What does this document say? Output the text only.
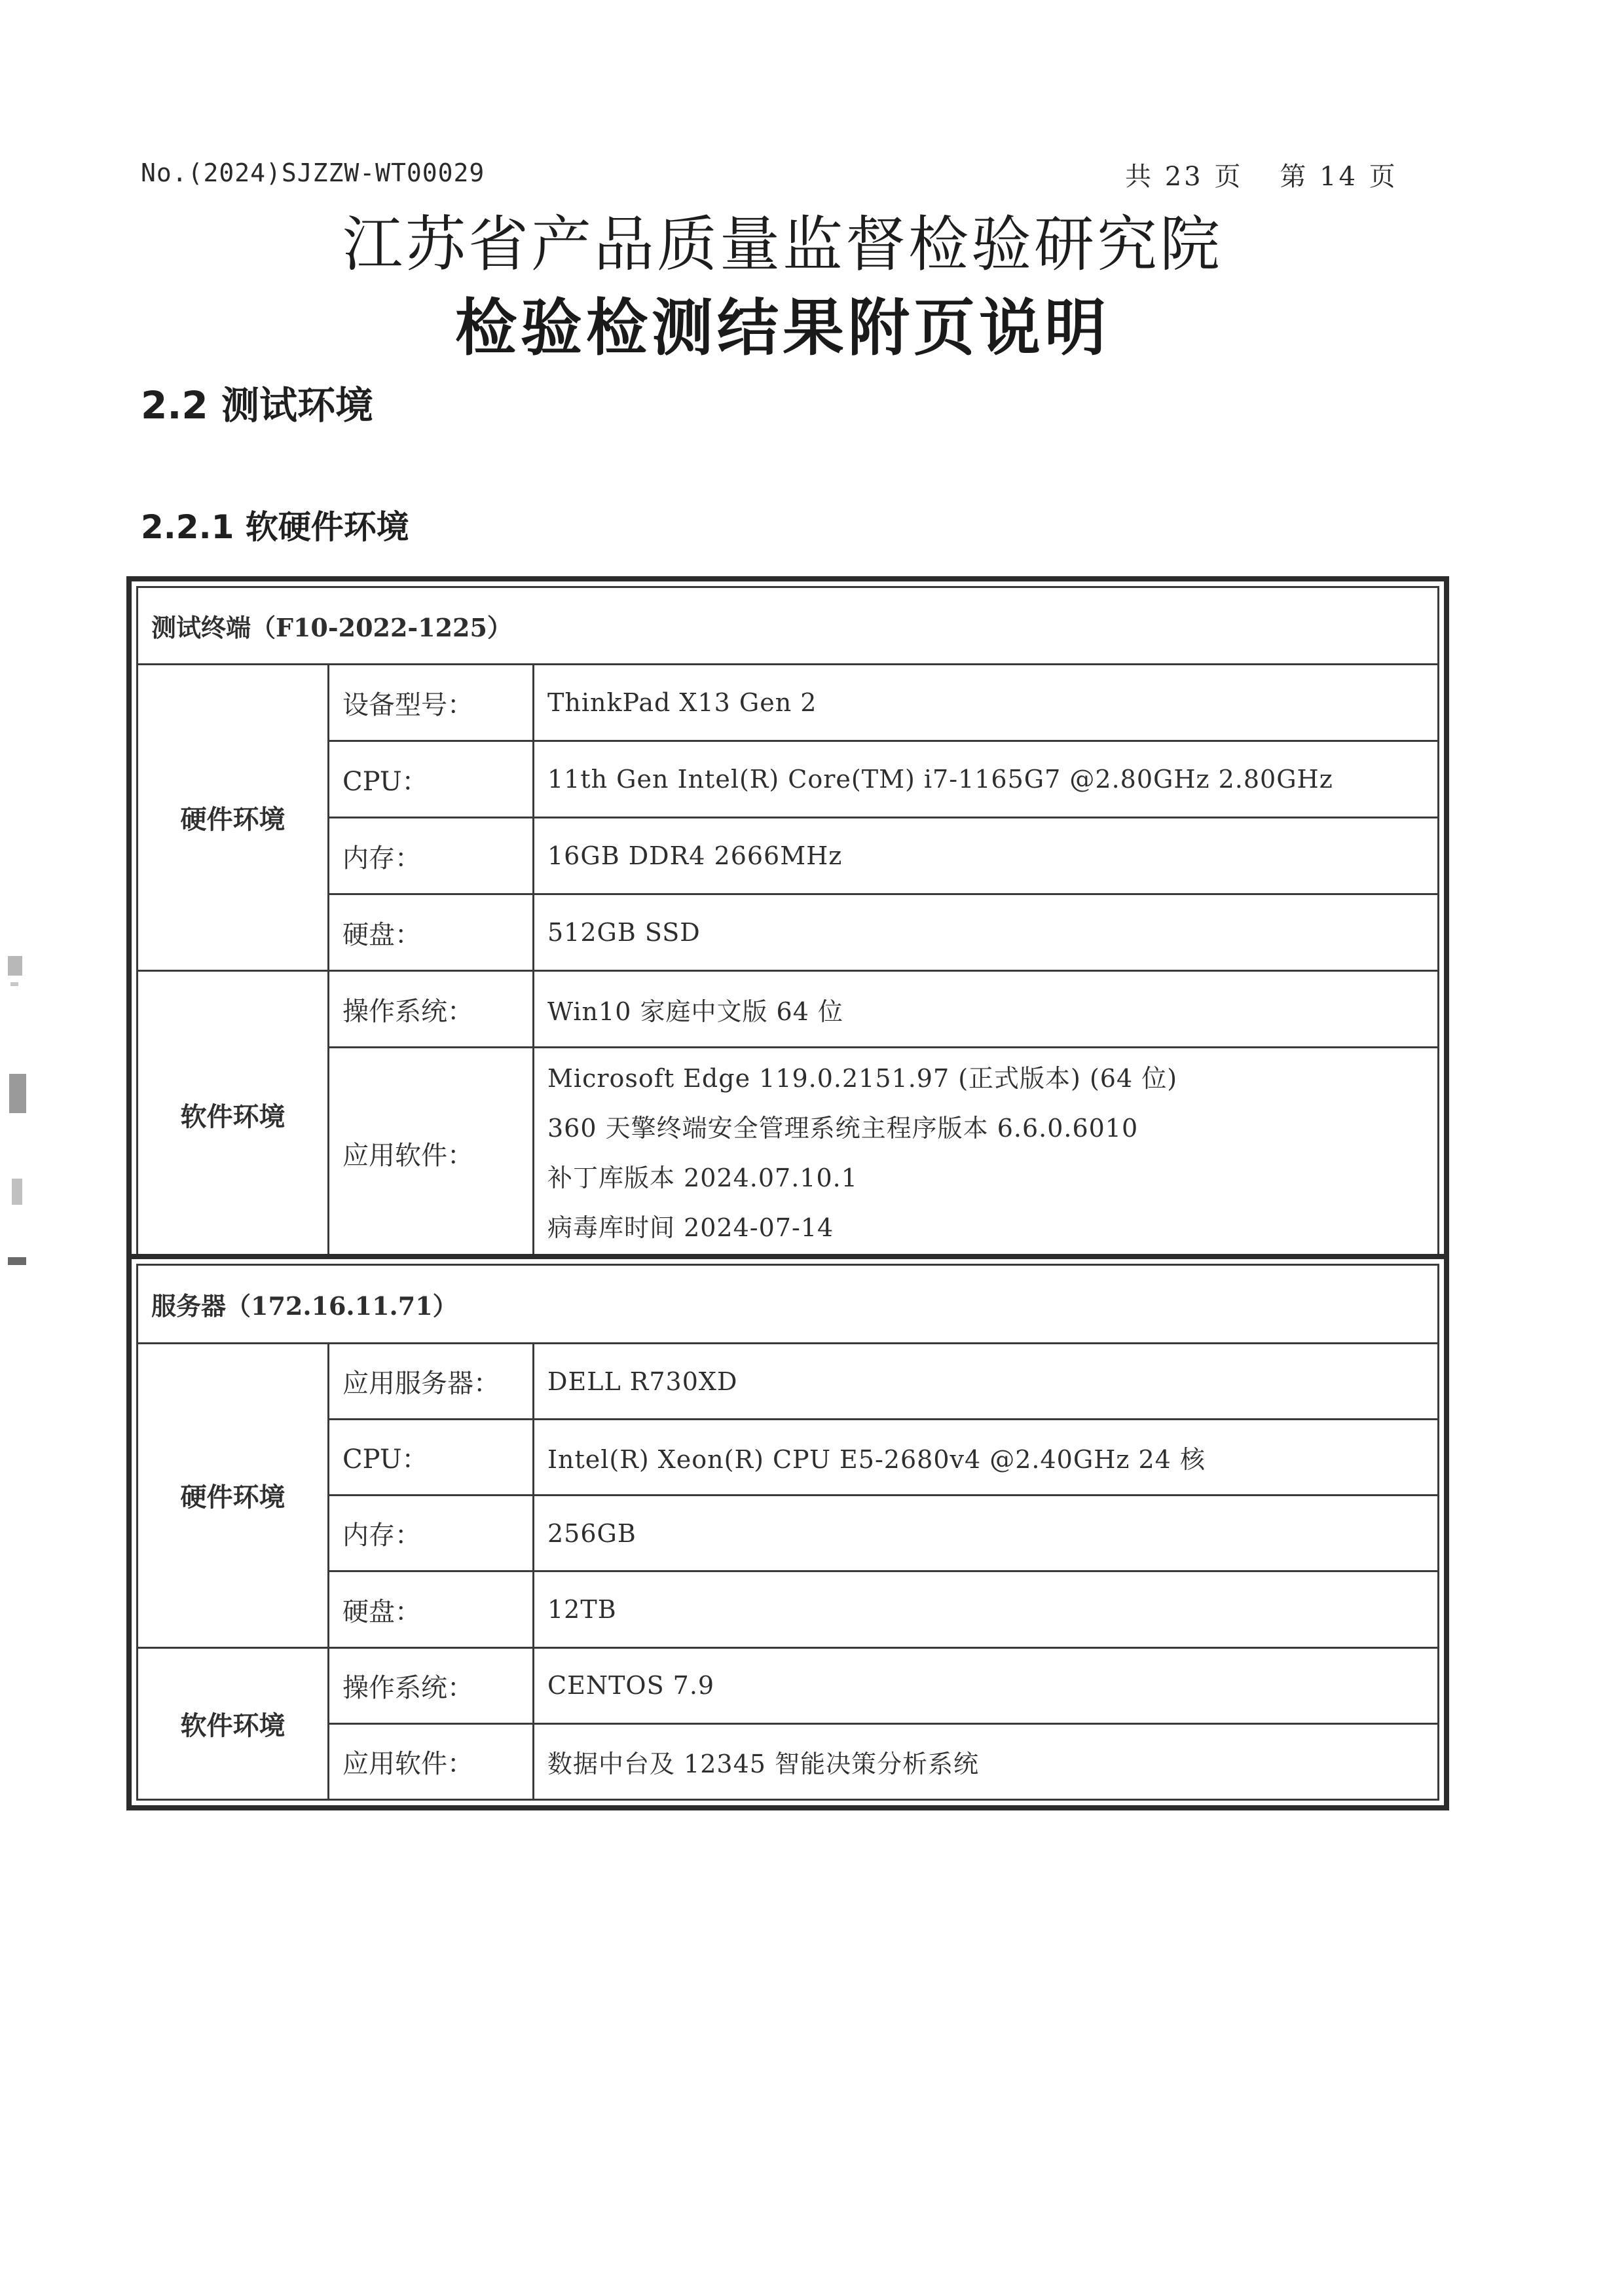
No.(2024)SJZZW-WT00029	共 23 页 第 14 页
江苏省产品质量监督检验研究院
检验检测结果附页说明
2.2 测试环境
2.2.1 软硬件环境
测试终端（F10-2022-1225）		
硬件环境	设备型号：	ThinkPad X13 Gen 2
	CPU：	11th Gen Intel(R) Core(TM) i7-1165G7 @2.80GHz 2.80GHz
	内存：	16GB DDR4 2666MHz
	硬盘：	512GB SSD
软件环境	操作系统：	Win10 家庭中文版 64 位
	应用软件：	Microsoft Edge 119.0.2151.97 (正式版本) (64 位)
360 天擎终端安全管理系统主程序版本 6.6.0.6010
补丁库版本 2024.07.10.1
病毒库时间 2024-07-14
服务器（172.16.11.71）		
硬件环境	应用服务器：	DELL R730XD
	CPU：	Intel(R) Xeon(R) CPU E5-2680v4 @2.40GHz 24 核
	内存：	256GB
	硬盘：	12TB
软件环境	操作系统：	CENTOS 7.9
	应用软件：	数据中台及 12345 智能决策分析系统
